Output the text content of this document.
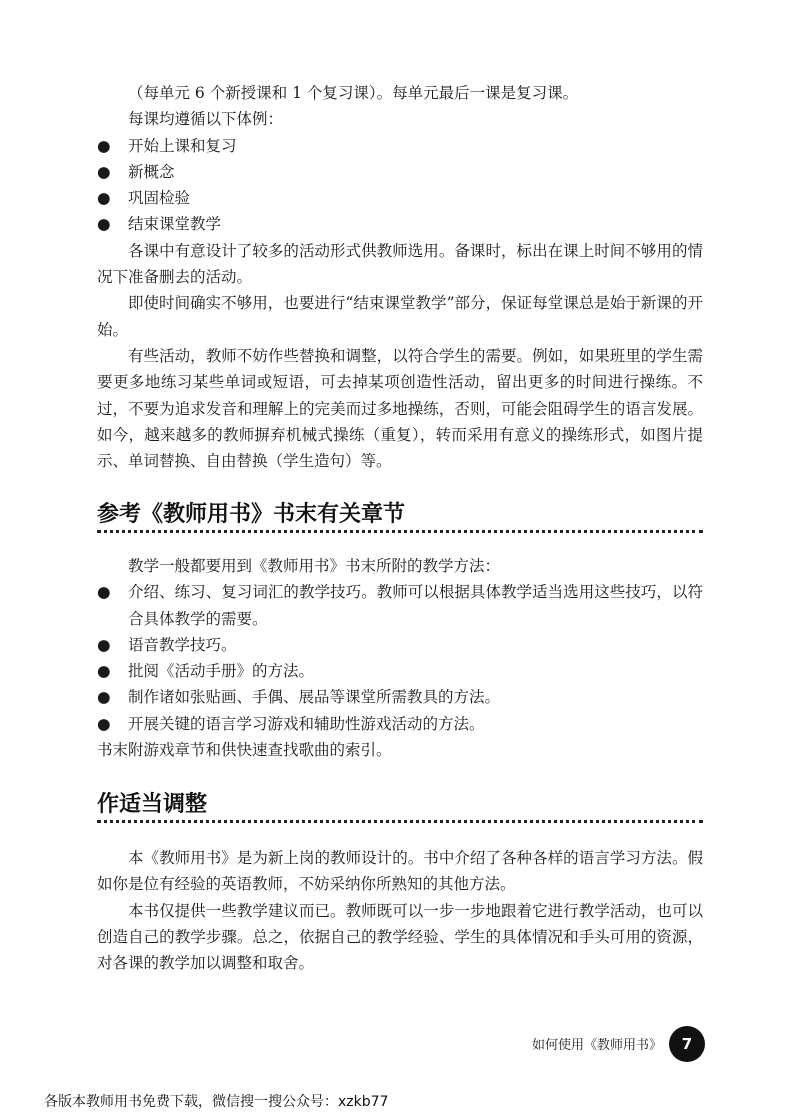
（每单元 6 个新授课和 1 个复习课）。每单元最后一课是复习课。

每课均遵循以下体例：

●	开始上课和复习
●	新概念
●	巩固检验
●	结束课堂教学

各课中有意设计了较多的活动形式供教师选用。备课时，标出在课上时间不够用的情况下准备删去的活动。

即使时间确实不够用，也要进行“结束课堂教学”部分，保证每堂课总是始于新课的开始。

有些活动，教师不妨作些替换和调整，以符合学生的需要。例如，如果班里的学生需要更多地练习某些单词或短语，可去掉某项创造性活动，留出更多的时间进行操练。不过，不要为追求发音和理解上的完美而过多地操练，否则，可能会阻碍学生的语言发展。如今，越来越多的教师摒弃机械式操练（重复），转而采用有意义的操练形式，如图片提示、单词替换、自由替换（学生造句）等。

参考《教师用书》书末有关章节

教学一般都要用到《教师用书》书末所附的教学方法：

●	介绍、练习、复习词汇的教学技巧。教师可以根据具体教学适当选用这些技巧，以符合具体教学的需要。
●	语音教学技巧。
●	批阅《活动手册》的方法。
●	制作诸如张贴画、手偶、展品等课堂所需教具的方法。
●	开展关键的语言学习游戏和辅助性游戏活动的方法。

书末附游戏章节和供快速查找歌曲的索引。

作适当调整

本《教师用书》是为新上岗的教师设计的。书中介绍了各种各样的语言学习方法。假如你是位有经验的英语教师，不妨采纳你所熟知的其他方法。

本书仅提供一些教学建议而已。教师既可以一步一步地跟着它进行教学活动，也可以创造自己的教学步骤。总之，依据自己的教学经验、学生的具体情况和手头可用的资源，对各课的教学加以调整和取舍。

如何使用《教师用书》	7
各版本教师用书免费下载，微信搜一搜公众号：xzkb77
